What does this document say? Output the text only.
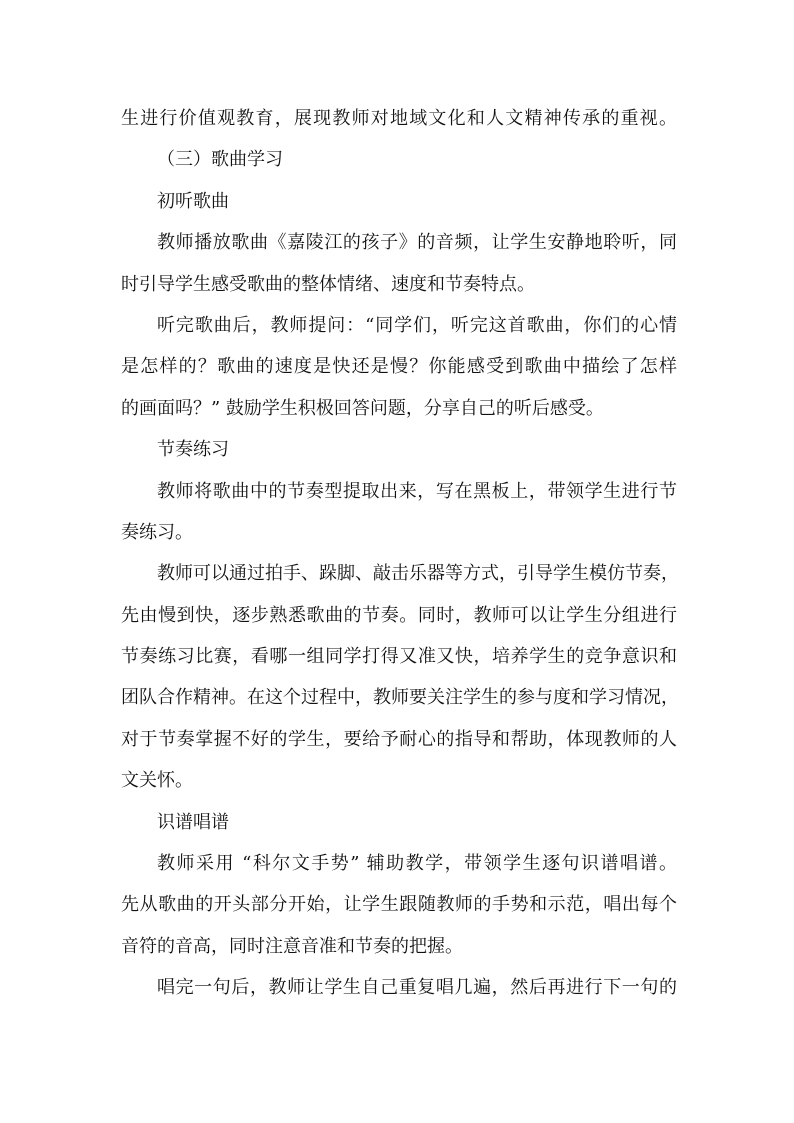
生进行价值观教育，展现教师对地域文化和人文精神传承的重视。
（三）歌曲学习
初听歌曲
教师播放歌曲《嘉陵江的孩子》的音频，让学生安静地聆听，同
时引导学生感受歌曲的整体情绪、速度和节奏特点。
听完歌曲后，教师提问：“同学们，听完这首歌曲，你们的心情
是怎样的？歌曲的速度是快还是慢？你能感受到歌曲中描绘了怎样
的画面吗？” 鼓励学生积极回答问题，分享自己的听后感受。
节奏练习
教师将歌曲中的节奏型提取出来，写在黑板上，带领学生进行节
奏练习。
教师可以通过拍手、跺脚、敲击乐器等方式，引导学生模仿节奏，
先由慢到快，逐步熟悉歌曲的节奏。同时，教师可以让学生分组进行
节奏练习比赛，看哪一组同学打得又准又快，培养学生的竞争意识和
团队合作精神。在这个过程中，教师要关注学生的参与度和学习情况，
对于节奏掌握不好的学生，要给予耐心的指导和帮助，体现教师的人
文关怀。
识谱唱谱
教师采用 “科尔文手势” 辅助教学，带领学生逐句识谱唱谱。
先从歌曲的开头部分开始，让学生跟随教师的手势和示范，唱出每个
音符的音高，同时注意音准和节奏的把握。
唱完一句后，教师让学生自己重复唱几遍，然后再进行下一句的
